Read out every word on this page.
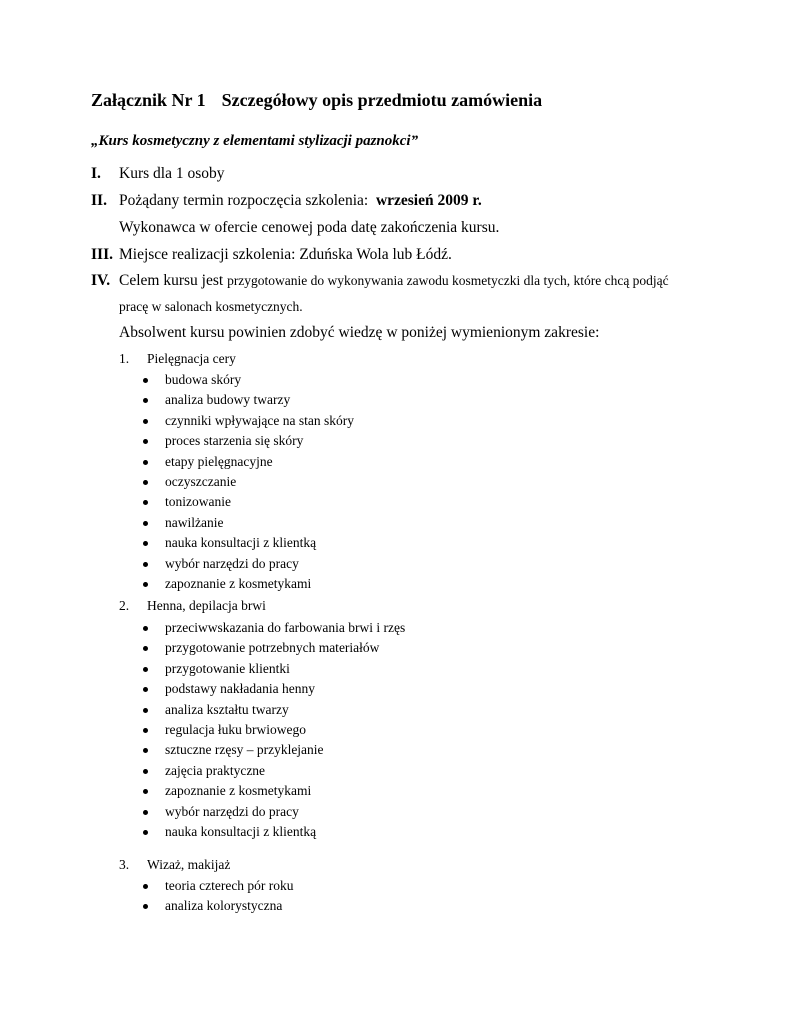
Załącznik Nr 1 Szczegółowy opis przedmiotu zamówienia
„Kurs kosmetyczny z elementami stylizacji paznokci”
I. Kurs dla 1 osoby
II. Pożądany termin rozpoczęcia szkolenia: wrzesień 2009 r.
Wykonawca w ofercie cenowej poda datę zakończenia kursu.
III. Miejsce realizacji szkolenia: Zduńska Wola lub Łódź.
IV. Celem kursu jest przygotowanie do wykonywania zawodu kosmetyczki dla tych, które chcą podjąć
pracę w salonach kosmetycznych.
Absolwent kursu powinien zdobyć wiedzę w poniżej wymienionym zakresie:
1. Pielęgnacja cery
budowa skóry
analiza budowy twarzy
czynniki wpływające na stan skóry
proces starzenia się skóry
etapy pielęgnacyjne
oczyszczanie
tonizowanie
nawilżanie
nauka konsultacji z klientką
wybór narzędzi do pracy
zapoznanie z kosmetykami
2. Henna, depilacja brwi
przeciwwskazania do farbowania brwi i rzęs
przygotowanie potrzebnych materiałów
przygotowanie klientki
podstawy nakładania henny
analiza kształtu twarzy
regulacja łuku brwiowego
sztuczne rzęsy – przyklejanie
zajęcia praktyczne
zapoznanie z kosmetykami
wybór narzędzi do pracy
nauka konsultacji z klientką
3. Wizaż, makijaż
teoria czterech pór roku
analiza kolorystyczna
